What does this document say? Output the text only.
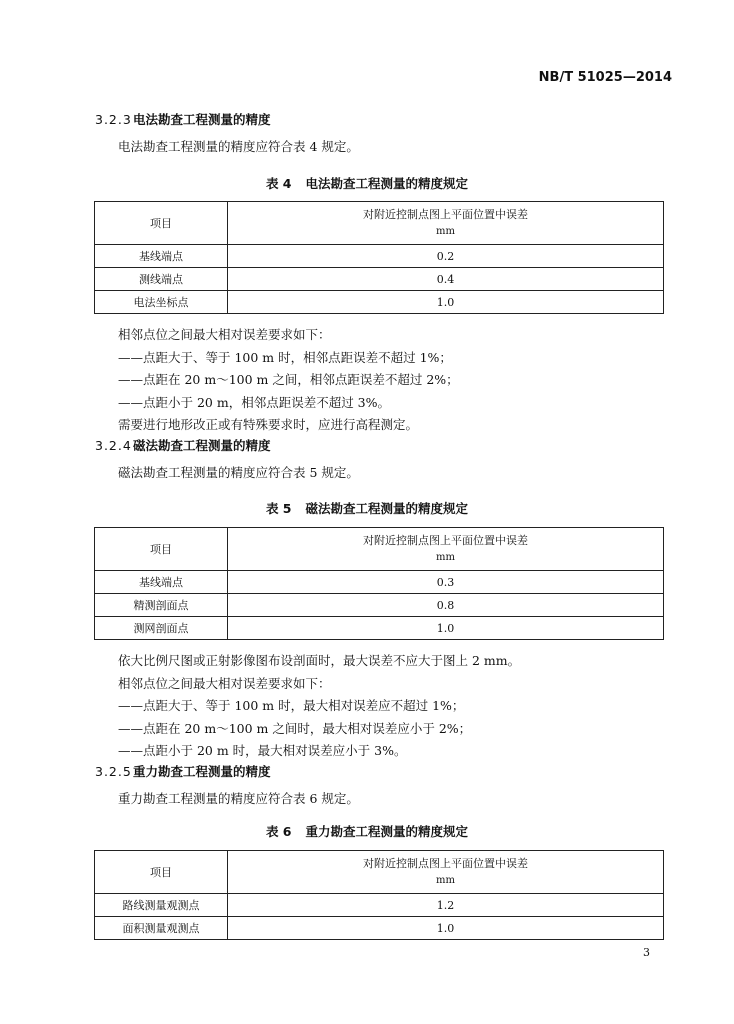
NB/T 51025—2014
3.2.3电法勘查工程测量的精度
电法勘查工程测量的精度应符合表 4 规定。
表 4 电法勘查工程测量的精度规定
项目	对附近控制点图上平面位置中误差
mm

基线端点	0.2
测线端点	0.4
电法坐标点	1.0
相邻点位之间最大相对误差要求如下：
——点距大于、等于 100 m 时，相邻点距误差不超过 1%；
——点距在 20 m～100 m 之间，相邻点距误差不超过 2%；
——点距小于 20 m，相邻点距误差不超过 3%。
需要进行地形改正或有特殊要求时，应进行高程测定。
3.2.4磁法勘查工程测量的精度
磁法勘查工程测量的精度应符合表 5 规定。
表 5 磁法勘查工程测量的精度规定
项目	对附近控制点图上平面位置中误差
mm

基线端点	0.3
精测剖面点	0.8
测网剖面点	1.0
依大比例尺图或正射影像图布设剖面时，最大误差不应大于图上 2 mm。
相邻点位之间最大相对误差要求如下：
——点距大于、等于 100 m 时，最大相对误差应不超过 1%；
——点距在 20 m～100 m 之间时，最大相对误差应小于 2%；
——点距小于 20 m 时，最大相对误差应小于 3%。
3.2.5重力勘查工程测量的精度
重力勘查工程测量的精度应符合表 6 规定。
表 6 重力勘查工程测量的精度规定
项目	对附近控制点图上平面位置中误差
mm

路线测量观测点	1.2
面积测量观测点	1.0
3
